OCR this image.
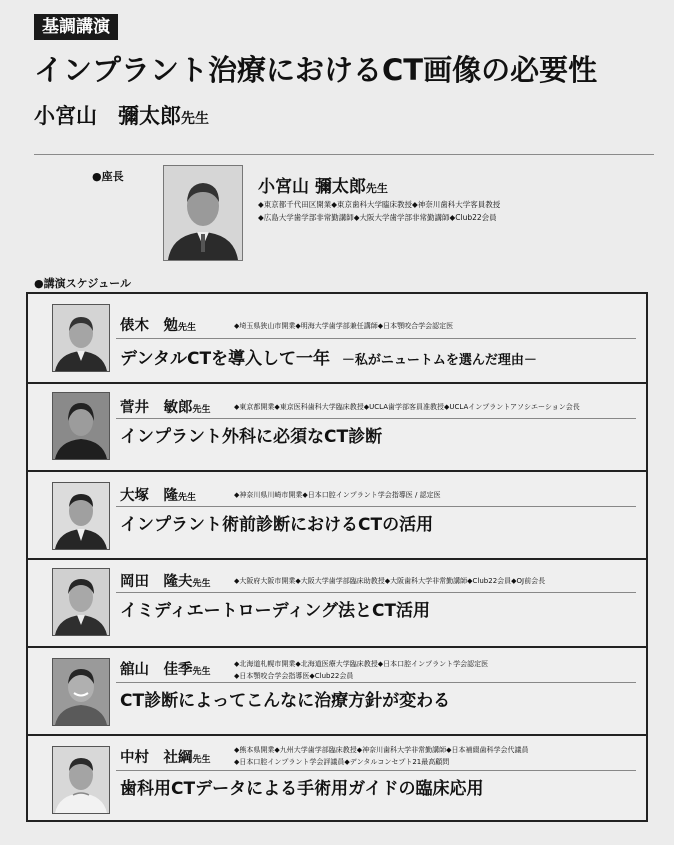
基調講演
インプラント治療におけるCT画像の必要性
小宮山　彌太郎先生
●座長
小宮山 彌太郎先生
◆東京都千代田区開業◆東京歯科大学臨床教授◆神奈川歯科大学客員教授
◆広島大学歯学部非常勤講師◆大阪大学歯学部非常勤講師◆Club22会員
●講演スケジュール
俵木　勉先生	◆埼玉県狭山市開業◆明海大学歯学部兼任講師◆日本顎咬合学会認定医
デンタルCTを導入して一年 －私がニュートムを選んだ理由－
菅井　敏郎先生	◆東京都開業◆東京医科歯科大学臨床教授◆UCLA歯学部客員准教授◆UCLAインプラントアソシエーション会長
インプラント外科に必須なCT診断
大塚　隆先生	◆神奈川県川崎市開業◆日本口腔インプラント学会指導医 / 認定医
インプラント術前診断におけるCTの活用
岡田　隆夫先生	◆大阪府大阪市開業◆大阪大学歯学部臨床助教授◆大阪歯科大学非常勤講師◆Club22会員◆OJ前会長
イミディエートローディング法とCT活用
舘山　佳季先生
◆北海道札幌市開業◆北海道医療大学臨床教授◆日本口腔インプラント学会認定医
◆日本顎咬合学会指導医◆Club22会員
CT診断によってこんなに治療方針が変わる
中村　社綱先生
◆熊本県開業◆九州大学歯学部臨床教授◆神奈川歯科大学非常勤講師◆日本補綴歯科学会代議員
◆日本口腔インプラント学会評議員◆デンタルコンセプト21最高顧問
歯科用CTデータによる手術用ガイドの臨床応用
